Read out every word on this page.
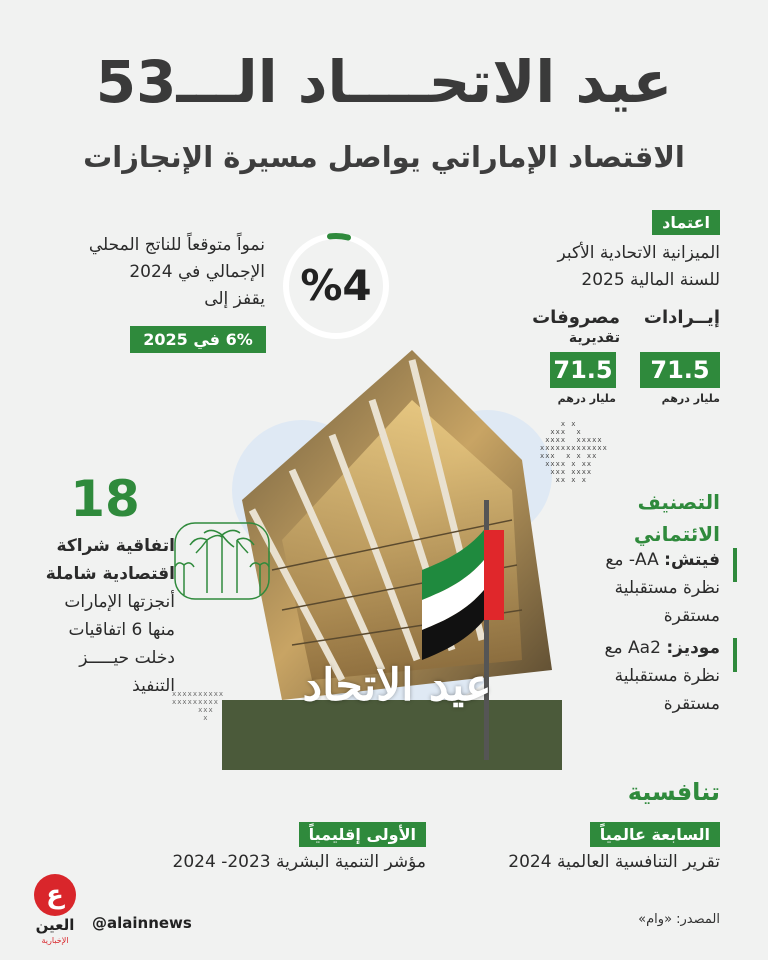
عيد الاتحــــاد الـــ53
الاقتصاد الإماراتي يواصل مسيرة الإنجازات
نمواً متوقعاً للناتج المحلي
الإجمالي في 2024
يقفز إلى %4
6% في 2025
اعتماد
الميزانية الاتحادية الأكبر
للسنة المالية 2025
إيــرادات
71.5
مليار درهم
مصروفات
تقديرية
71.5
مليار درهم
عيد الاتحاد
x x
xxx  x
xxxx  xxxxx
xxxxxxxxxxxxx
xxx  x x xx
xxxx x xx
xxx xxxx
xx x x
xxxxxxxxxx
xxxxxxxxx
xxx
x
18
اتفاقية شراكة
اقتصادية شاملة
أنجزتها الإمارات
منها 6 اتفاقيات
دخلت حيـــــز
التنفيذ
التصنيف
الائتماني
فيتش: AA- مع
نظرة مستقبلية
مستقرة
موديز: Aa2 مع
نظرة مستقبلية
مستقرة
تنافسية
السابعة عالمياً
تقرير التنافسية العالمية 2024
الأولى إقليمياً
مؤشر التنمية البشرية 2023- 2024
ع
العين
الإخبارية
@alainnews	المصدر: «وام»
